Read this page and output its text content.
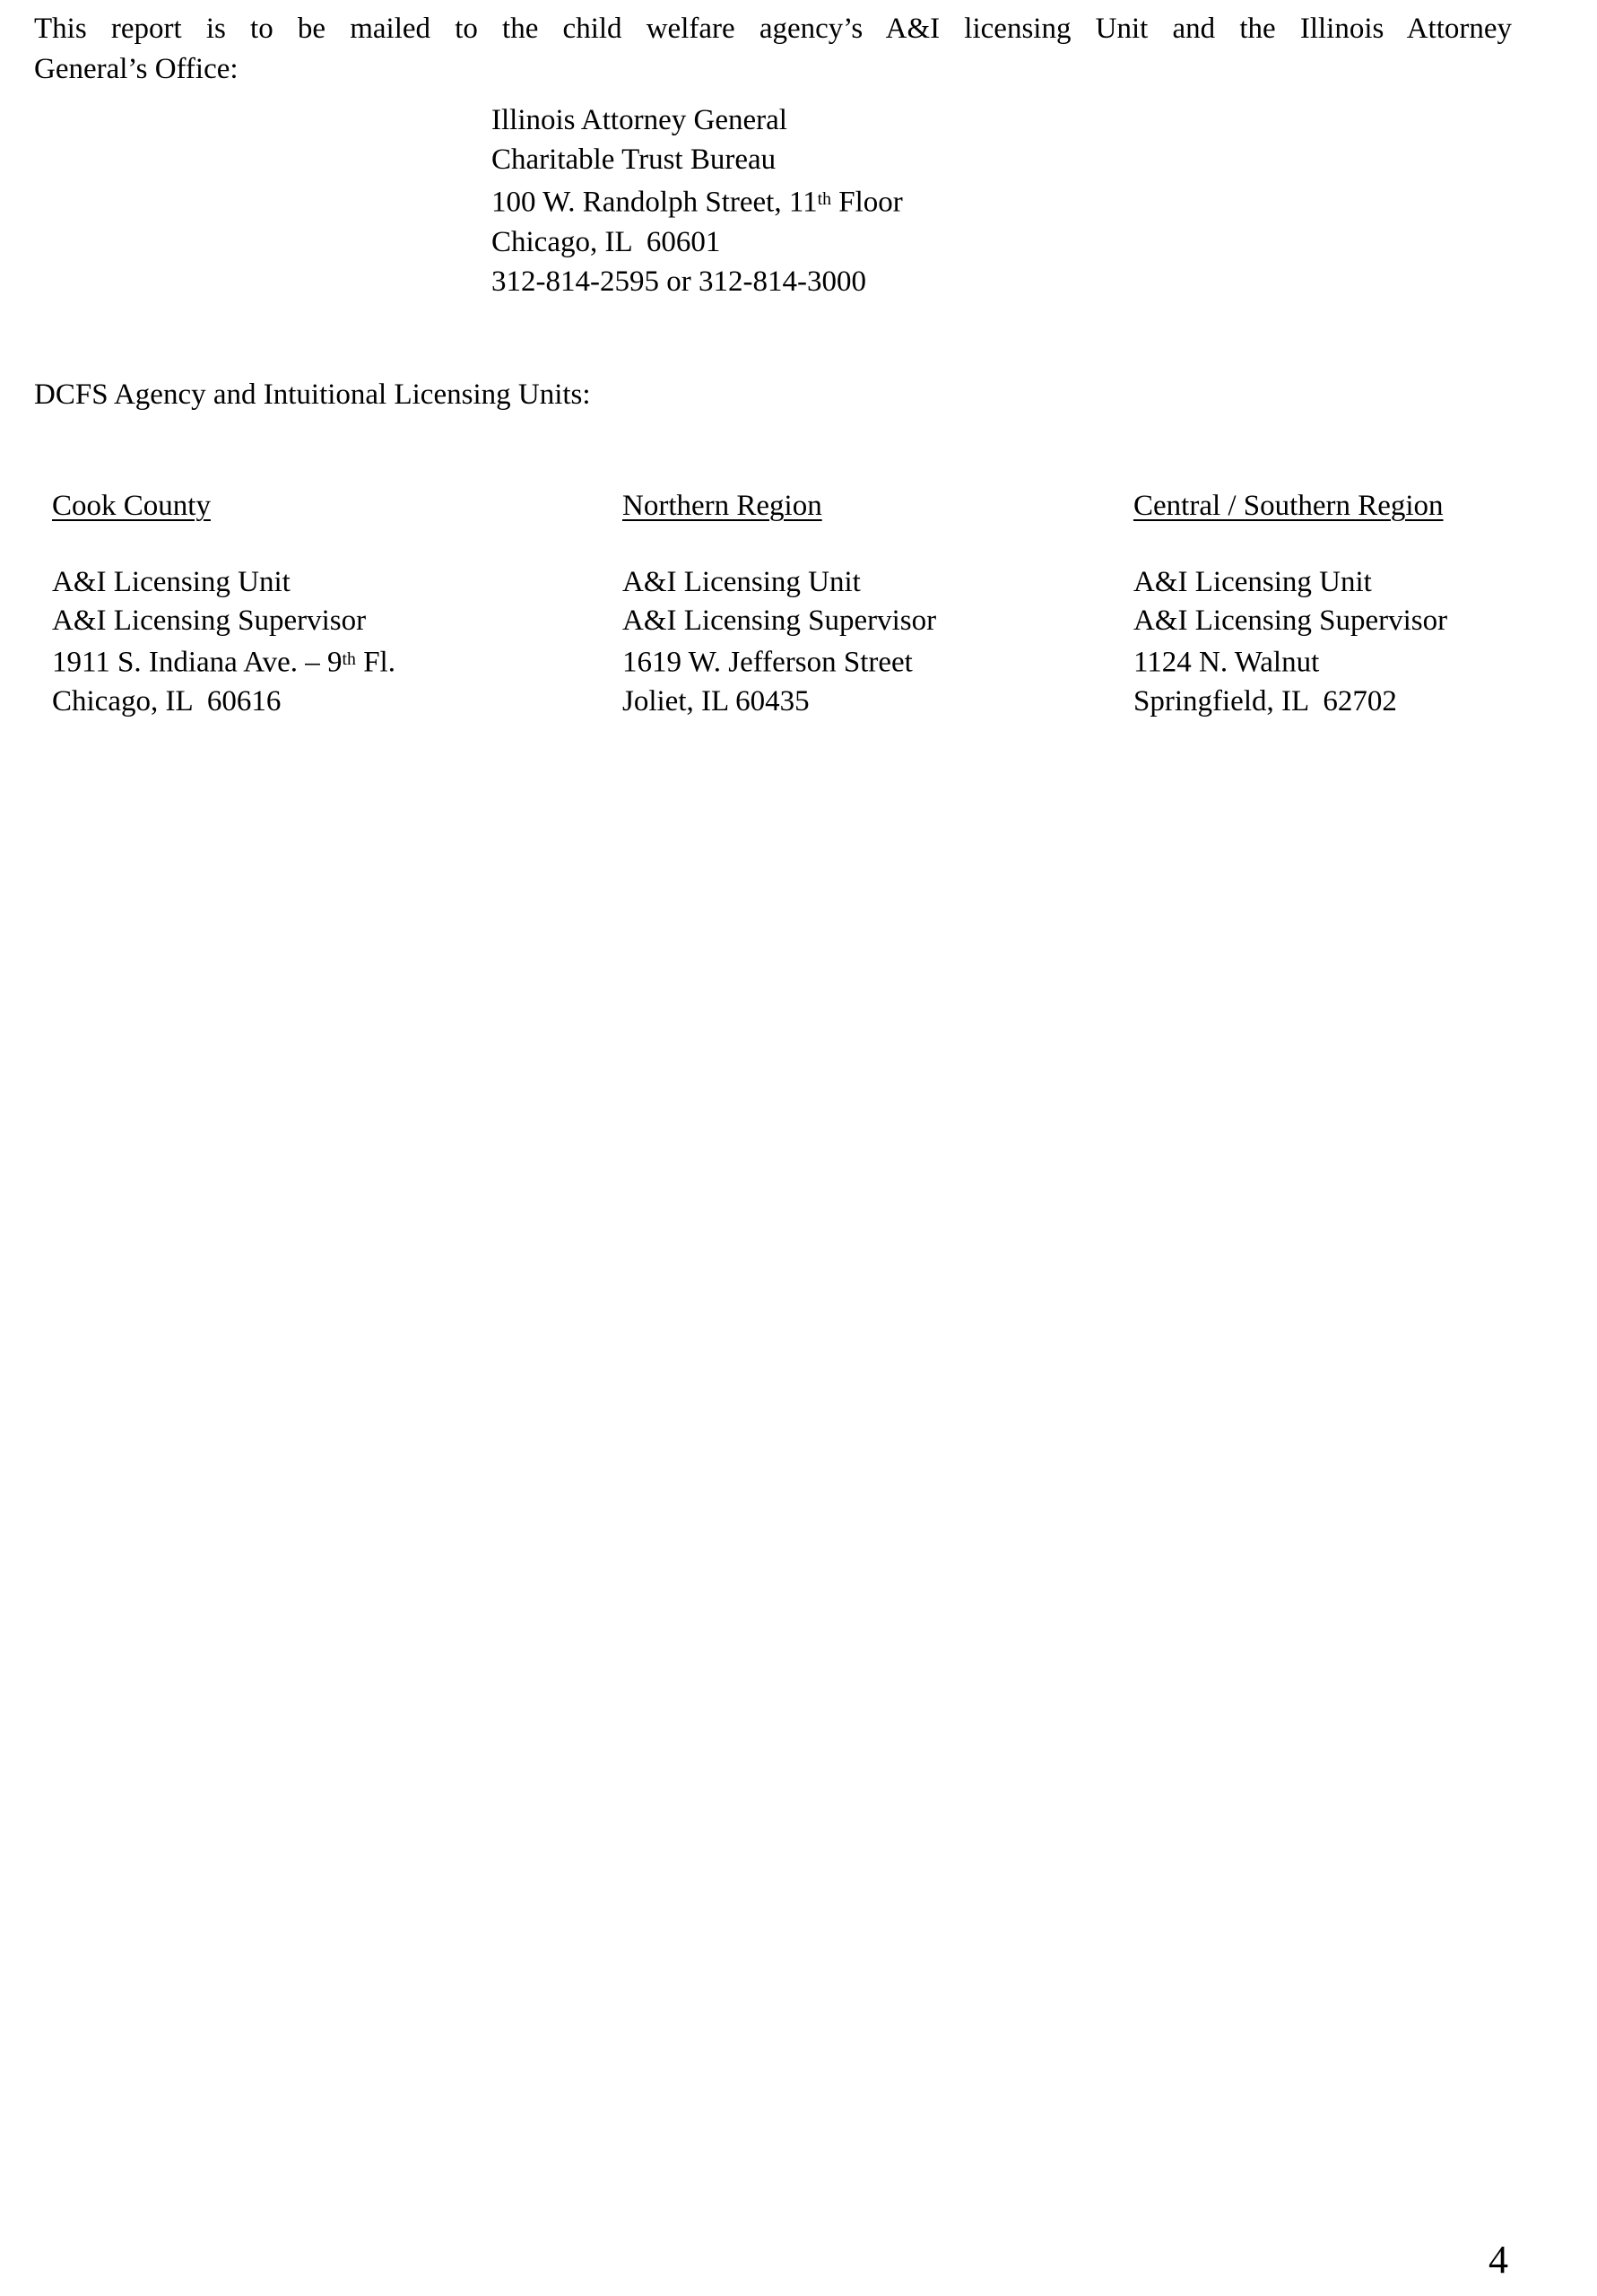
This report is to be mailed to the child welfare agency’s A&I licensing Unit and the Illinois Attorney
General’s Office:
Illinois Attorney General
Charitable Trust Bureau
100 W. Randolph Street, 11th Floor
Chicago, IL  60601
312-814-2595 or 312-814-3000
DCFS Agency and Intuitional Licensing Units:
Cook County
A&I Licensing Unit
A&I Licensing Supervisor
1911 S. Indiana Ave. – 9th Fl.
Chicago, IL  60616
Northern Region
A&I Licensing Unit
A&I Licensing Supervisor
1619 W. Jefferson Street
Joliet, IL 60435
Central / Southern Region
A&I Licensing Unit
A&I Licensing Supervisor
1124 N. Walnut
Springfield, IL  62702
4
